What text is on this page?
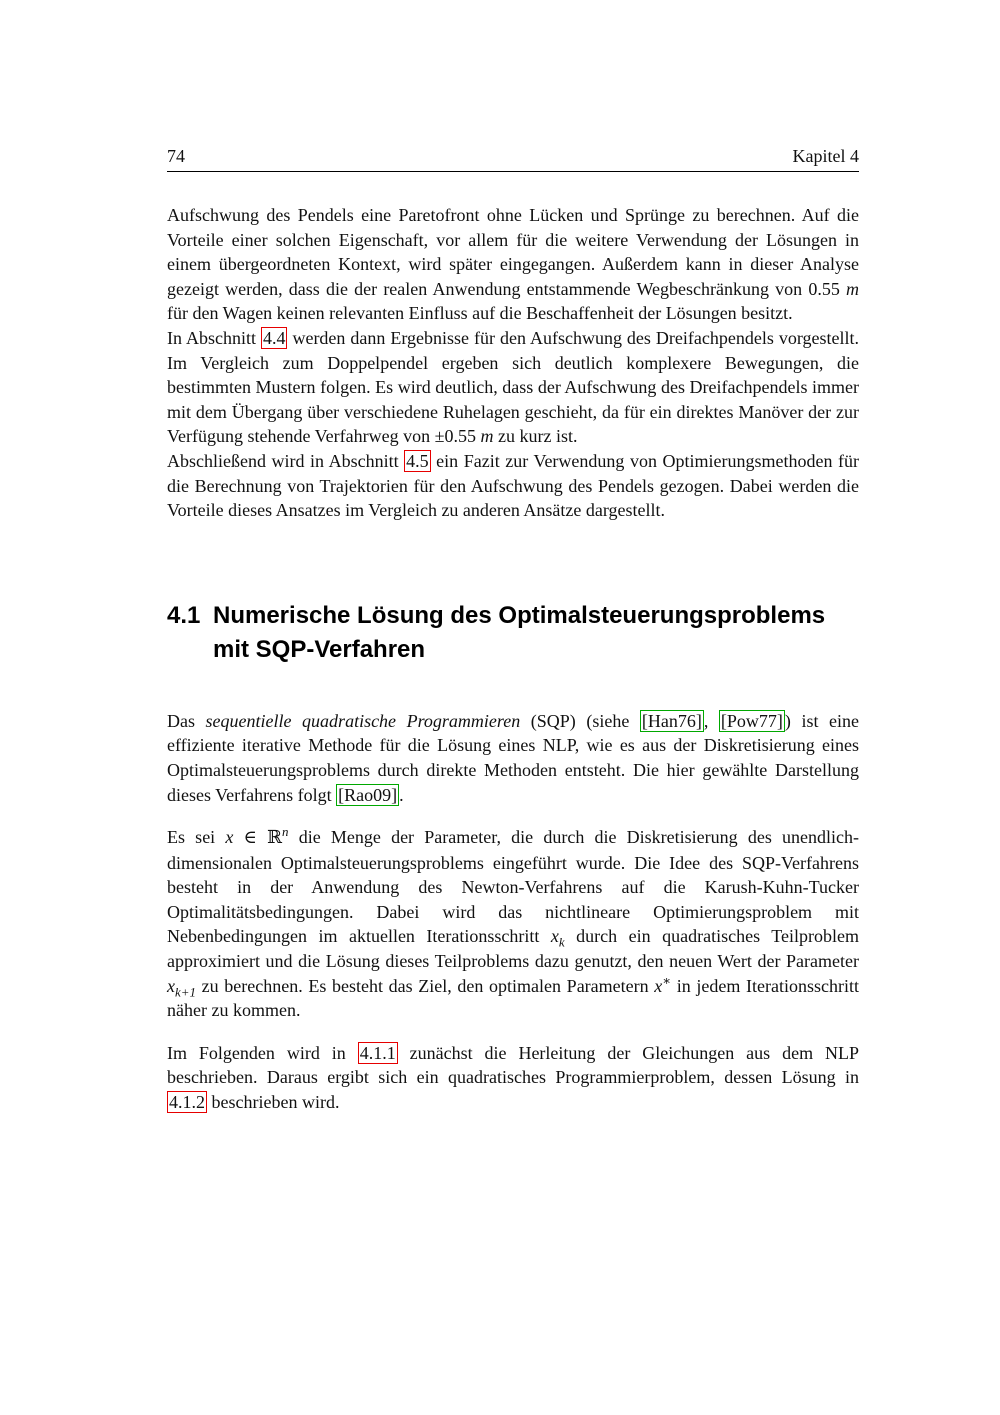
74	Kapitel 4

Aufschwung des Pendels eine Paretofront ohne Lücken und Sprünge zu berechnen. Auf die Vorteile einer solchen Eigenschaft, vor allem für die weitere Verwendung der Lösungen in einem übergeordneten Kontext, wird später eingegangen. Außerdem kann in dieser Analyse gezeigt werden, dass die der realen Anwendung entstammende Wegbeschränkung von 0.55 m für den Wagen keinen relevanten Einfluss auf die Beschaffenheit der Lösungen besitzt.

In Abschnitt 4.4 werden dann Ergebnisse für den Aufschwung des Dreifachpendels vorgestellt. Im Vergleich zum Doppelpendel ergeben sich deutlich komplexere Bewegungen, die bestimmten Mustern folgen. Es wird deutlich, dass der Aufschwung des Dreifachpendels immer mit dem Übergang über verschiedene Ruhelagen geschieht, da für ein direktes Manöver der zur Verfügung stehende Verfahrweg von ±0.55 m zu kurz ist.

Abschließend wird in Abschnitt 4.5 ein Fazit zur Verwendung von Optimierungsmethoden für die Berechnung von Trajektorien für den Aufschwung des Pendels gezogen. Dabei werden die Vorteile dieses Ansatzes im Vergleich zu anderen Ansätze dargestellt.

4.1 Numerische Lösung des Optimalsteuerungsproblems
mit SQP-Verfahren

Das sequentielle quadratische Programmieren (SQP) (siehe [Han76] , [Pow77] ) ist eine effiziente iterative Methode für die Lösung eines NLP, wie es aus der Diskretisierung eines Optimalsteuerungsproblems durch direkte Methoden entsteht. Die hier gewählte Darstellung dieses Verfahrens folgt [Rao09] .

Es sei x ∈ ℝ$^n$ die Menge der Parameter, die durch die Diskretisierung des unendlich-dimensionalen Optimalsteuerungsproblems eingeführt wurde. Die Idee des SQP-Verfahrens besteht in der Anwendung des Newton-Verfahrens auf die Karush-Kuhn-Tucker Optimalitätsbedingungen. Dabei wird das nichtlineare Optimierungsproblem mit Nebenbedingungen im aktuellen Iterationsschritt $x_k$ durch ein quadratisches Teilproblem approximiert und die Lösung dieses Teilproblems dazu genutzt, den neuen Wert der Parameter $x_{k+1}$ zu berechnen. Es besteht das Ziel, den optimalen Parametern x∗ in jedem Iterationsschritt näher zu kommen.

Im Folgenden wird in 4.1.1 zunächst die Herleitung der Gleichungen aus dem NLP beschrieben. Daraus ergibt sich ein quadratisches Programmierproblem, dessen Lösung in 4.1.2 beschrieben wird.
